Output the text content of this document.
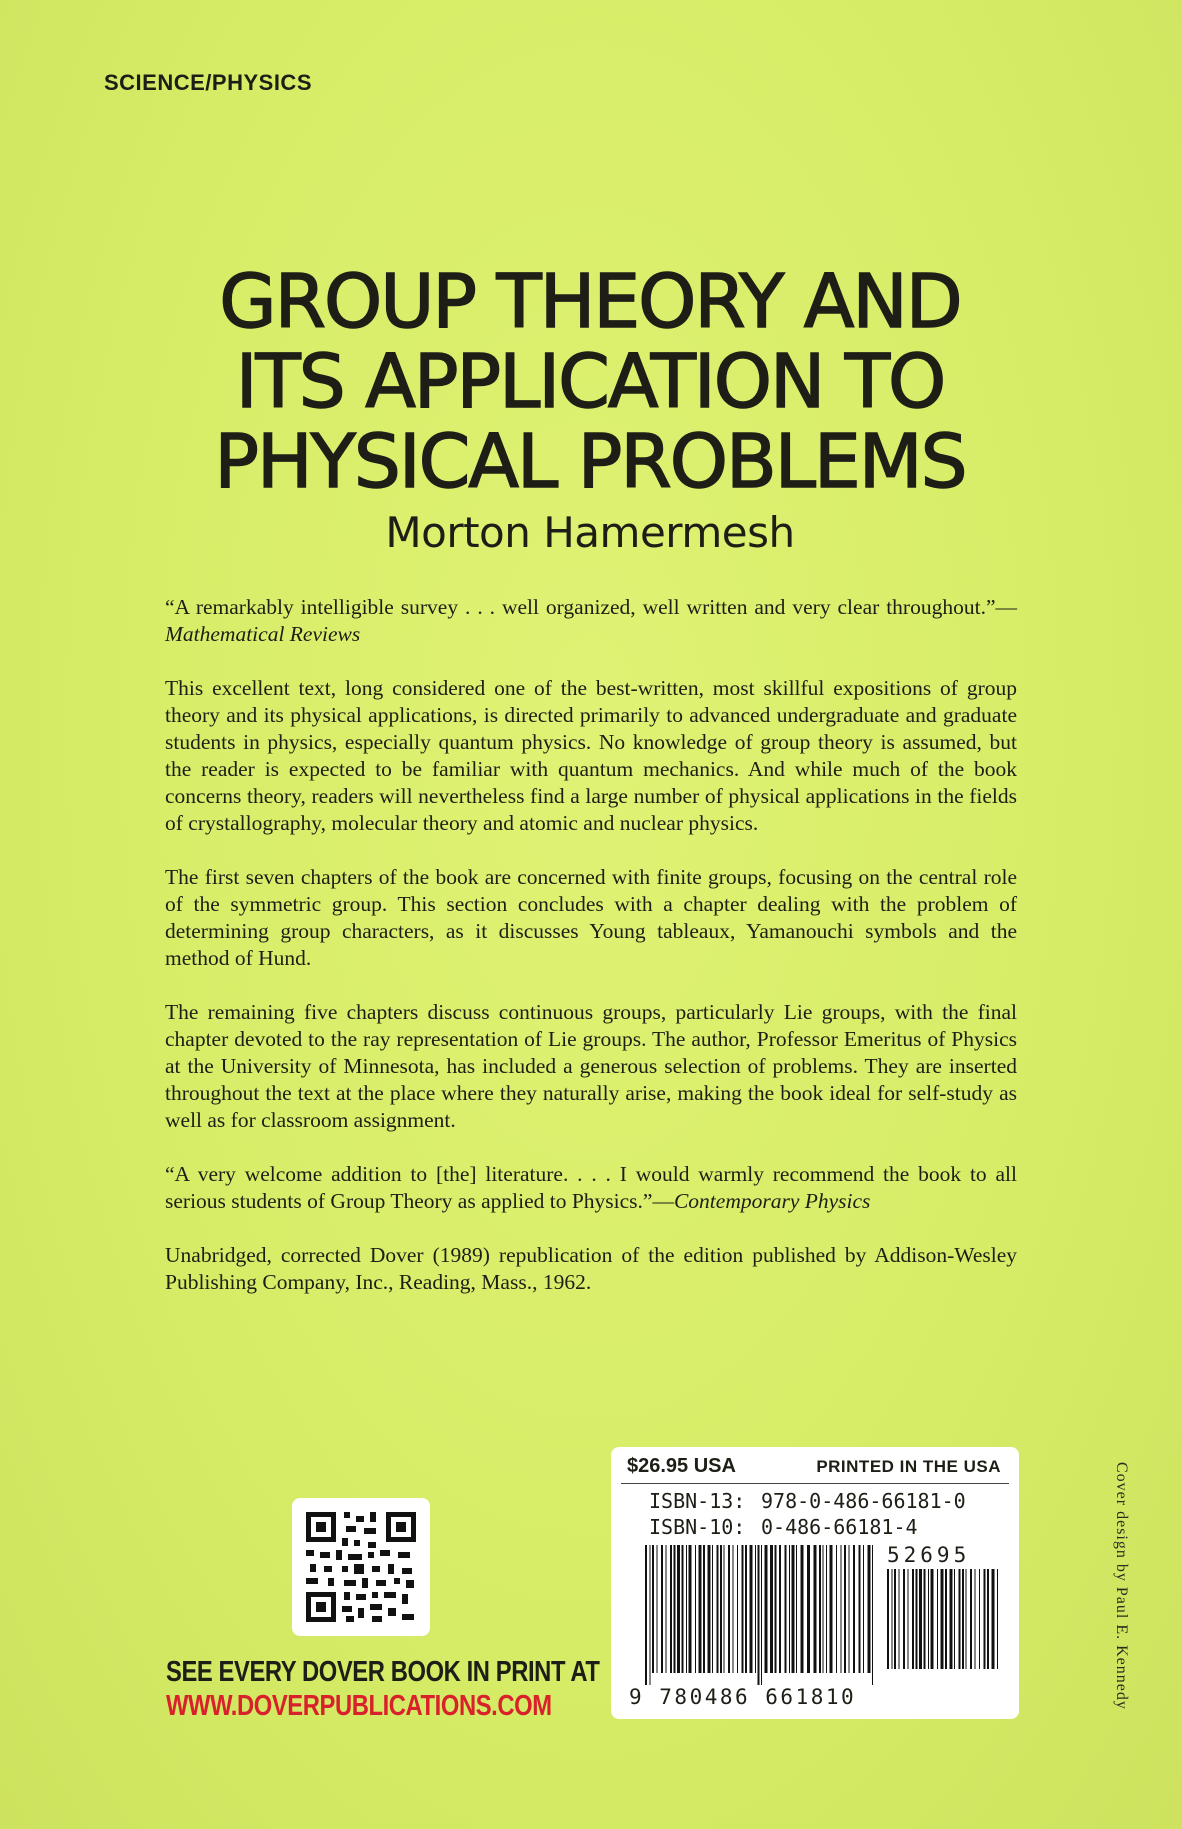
SCIENCE/PHYSICS
GROUP THEORY AND
ITS APPLICATION TO
PHYSICAL PROBLEMS
Morton Hamermesh

“A remarkably intelligible survey . . . well organized, well written and very clear throughout.”—Mathematical Reviews

This excellent text, long considered one of the best-written, most skillful expositions of group theory and its physical applications, is directed primarily to advanced undergraduate and graduate students in physics, especially quantum physics. No knowledge of group theory is assumed, but the reader is expected to be familiar with quantum mechanics. And while much of the book concerns theory, readers will nevertheless find a large number of physical applications in the fields of crystallography, molecular theory and atomic and nuclear physics.

The first seven chapters of the book are concerned with finite groups, focusing on the central role of the symmetric group. This section concludes with a chapter dealing with the problem of determining group characters, as it discusses Young tableaux, Yamanouchi symbols and the method of Hund.

The remaining five chapters discuss continuous groups, particularly Lie groups, with the final chapter devoted to the ray representation of Lie groups. The author, Professor Emeritus of Physics at the University of Minnesota, has included a generous selection of problems. They are inserted throughout the text at the place where they naturally arise, making the book ideal for self-study as well as for classroom assignment.

“A very welcome addition to [the] literature. . . . I would warmly recommend the book to all serious students of Group Theory as applied to Physics.”—Contemporary Physics

Unabridged, corrected Dover (1989) republication of the edition published by Addison-Wesley Publishing Company, Inc., Reading, Mass., 1962.

SEE EVERY DOVER BOOK IN PRINT AT
WWW.DOVERPUBLICATIONS.COM
$26.95 USA	PRINTED IN THE USA
ISBN-13: 978-0-486-66181-0
ISBN-10: 0-486-66181-4
52695
9 780486 661810	Cover design by Paul E. Kennedy
